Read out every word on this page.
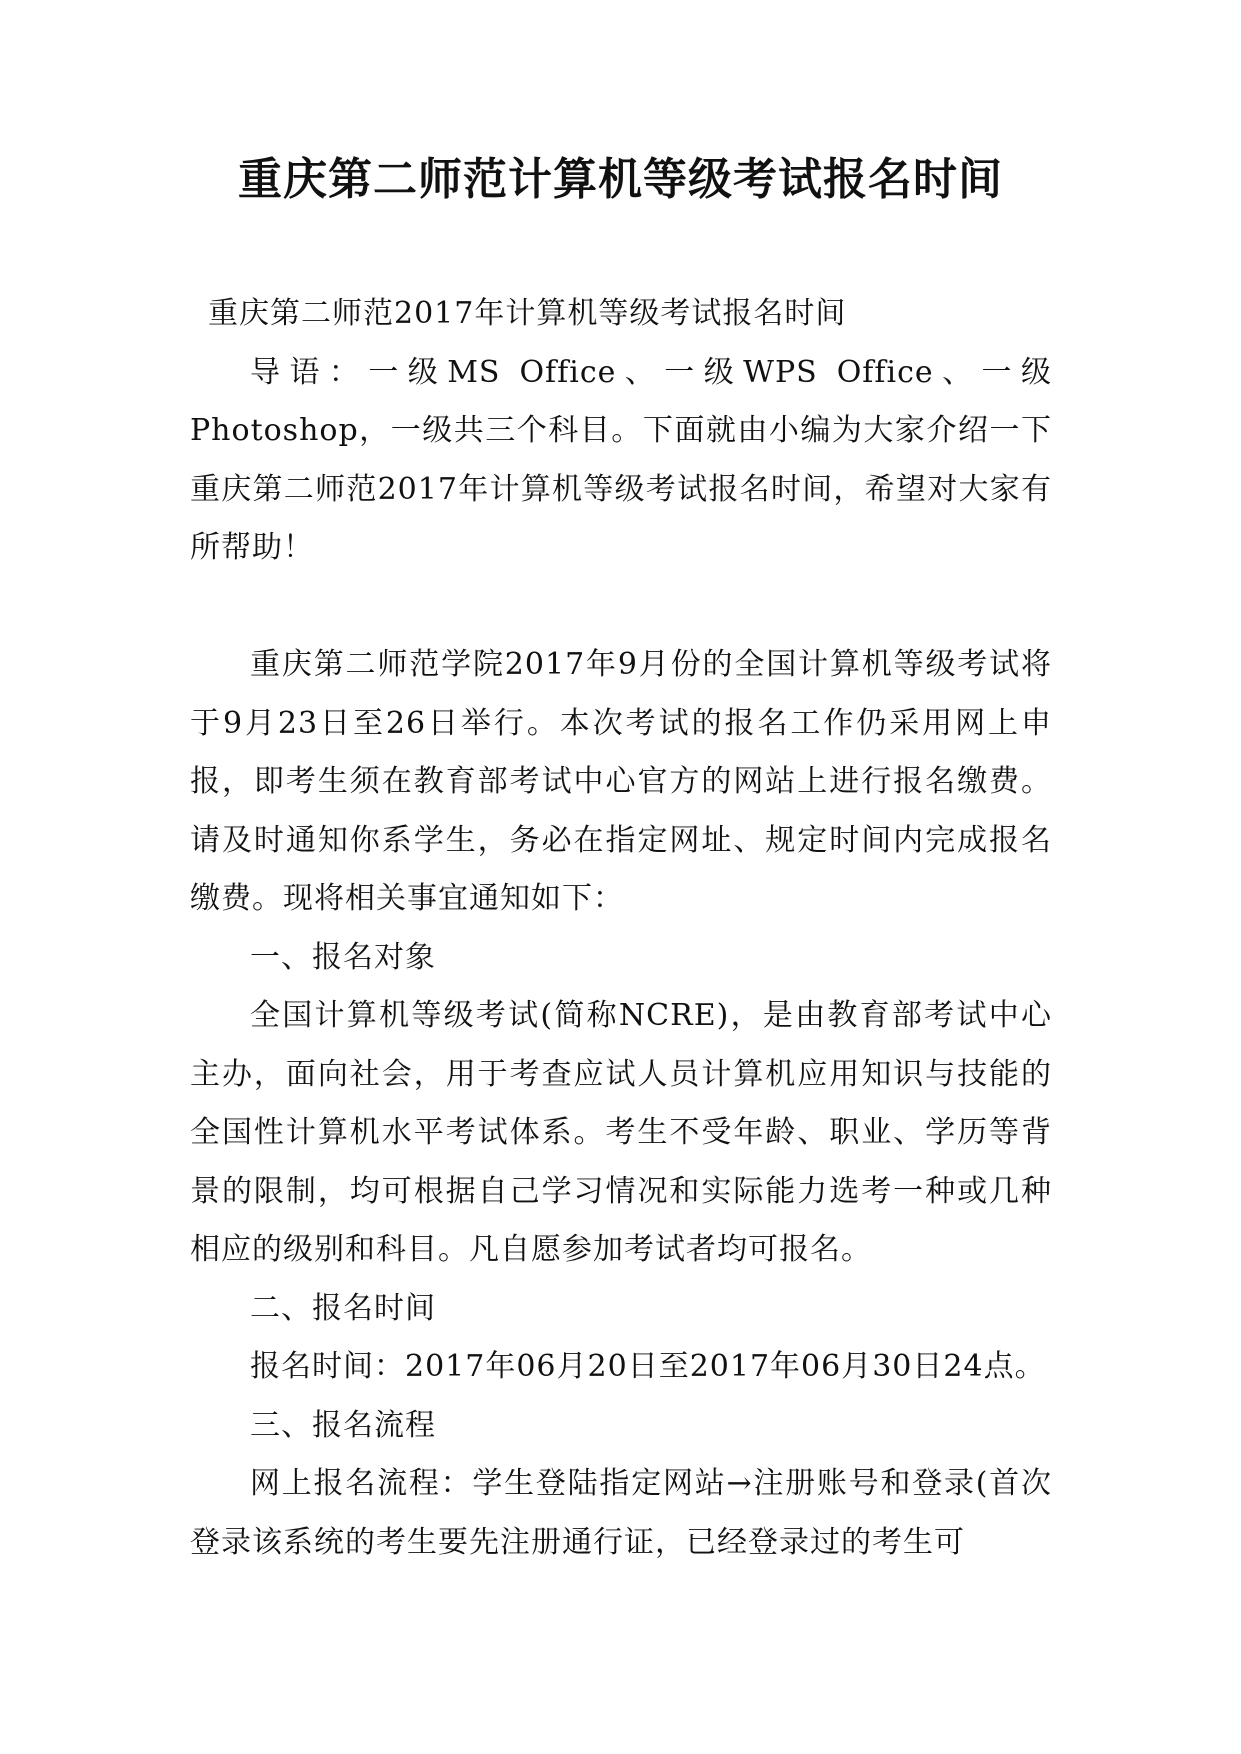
重庆第二师范计算机等级考试报名时间

重庆第二师范2017年计算机等级考试报名时间

导语：一级MS Office、一级WPS Office、一级Photoshop，一级共三个科目。下面就由小编为大家介绍一下重庆第二师范2017年计算机等级考试报名时间，希望对大家有所帮助！

重庆第二师范学院2017年9月份的全国计算机等级考试将于9月23日至26日举行。本次考试的报名工作仍采用网上申报，即考生须在教育部考试中心官方的网站上进行报名缴费。请及时通知你系学生，务必在指定网址、规定时间内完成报名缴费。现将相关事宜通知如下：

一、报名对象

全国计算机等级考试(简称NCRE)，是由教育部考试中心主办，面向社会，用于考查应试人员计算机应用知识与技能的全国性计算机水平考试体系。考生不受年龄、职业、学历等背景的限制，均可根据自己学习情况和实际能力选考一种或几种相应的级别和科目。凡自愿参加考试者均可报名。

二、报名时间

报名时间：2017年06月20日至2017年06月30日24点。

三、报名流程

网上报名流程：学生登陆指定网站→注册账号和登录(首次登录该系统的考生要先注册通行证，已经登录过的考生可
